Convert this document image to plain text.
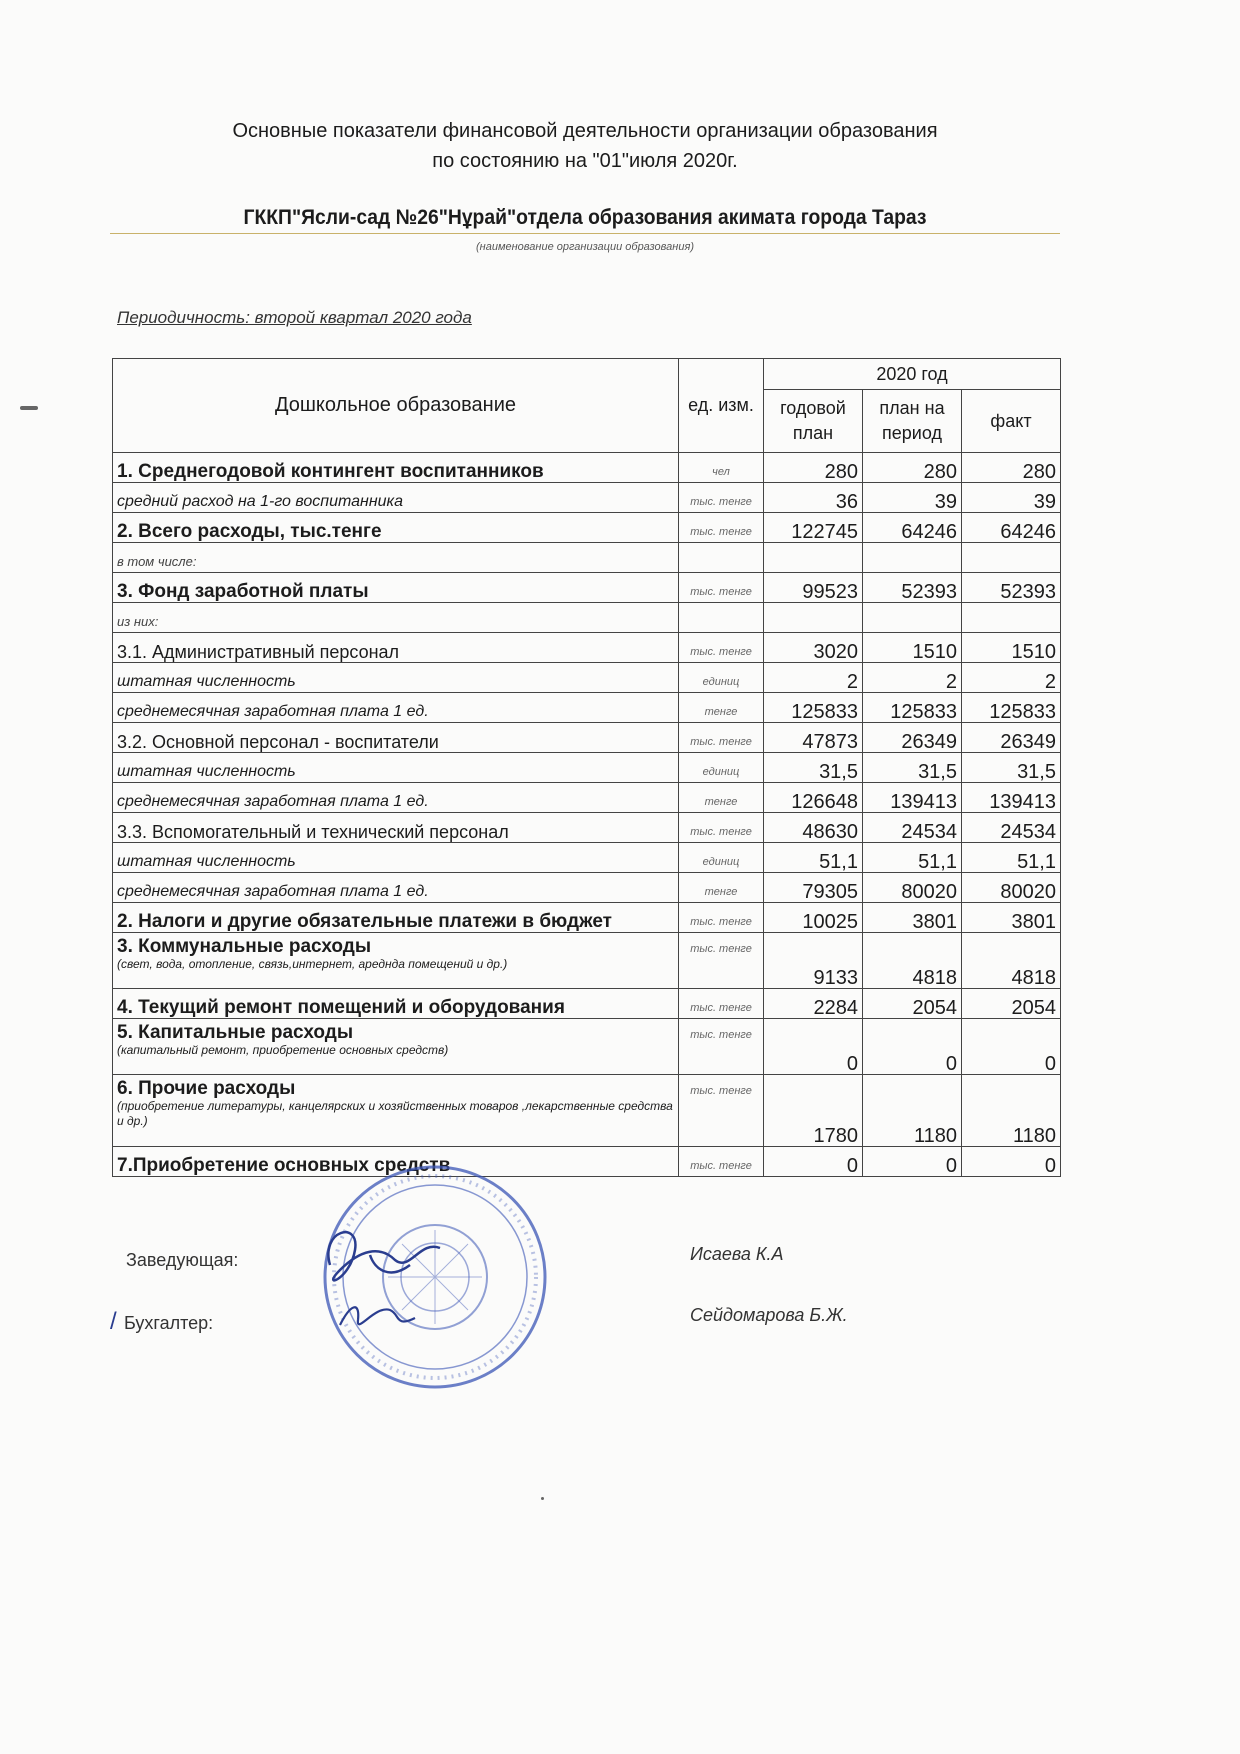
Основные показатели финансовой деятельности организации образования
по состоянию на "01"июля 2020г.
ГККП"Ясли-сад №26"Нұрай"отдела образования акимата города Тараз
(наименование организации образования)
Периодичность: второй квартал 2020 года
Дошкольное образование	ед. изм.	2020 год		
		годовой план	план на период	факт
1. Среднегодовой контингент воспитанников	чел	280	280	280
средний расход на 1-го воспитанника	тыс. тенге	36	39	39
2. Всего расходы, тыс.тенге	тыс. тенге	122745	64246	64246
в том числе:				
3. Фонд заработной платы	тыс. тенге	99523	52393	52393
из них:				
3.1. Административный персонал	тыс. тенге	3020	1510	1510
штатная численность	единиц	2	2	2
среднемесячная заработная плата 1 ед.	тенге	125833	125833	125833
3.2. Основной персонал - воспитатели	тыс. тенге	47873	26349	26349
штатная численность	единиц	31,5	31,5	31,5
среднемесячная заработная плата 1 ед.	тенге	126648	139413	139413
3.3. Вспомогательный и технический персонал	тыс. тенге	48630	24534	24534
штатная численность	единиц	51,1	51,1	51,1
среднемесячная заработная плата 1 ед.	тенге	79305	80020	80020
2. Налоги и другие обязательные платежи в бюджет	тыс. тенге	10025	3801	3801
3. Коммунальные расходы
(свет, вода, отопление, связь,интернет, аредндa помещений и др.)	тыс. тенге	9133	4818	4818
4. Текущий ремонт помещений и оборудования	тыс. тенге	2284	2054	2054
5. Капитальные расходы
(капитальный ремонт, приобретение основных средств)	тыс. тенге	0	0	0
6. Прочие расходы
(приобретение литературы, канцелярских и хозяйственных товаров ,лекарственные средства и др.)	тыс. тенге	1780	1180	1180
7.Приобретение основных средств	тыс. тенге	0	0	0
Заведующая:	Исаева К.А
/ Бухгалтер:	Сейдомарова Б.Ж.
